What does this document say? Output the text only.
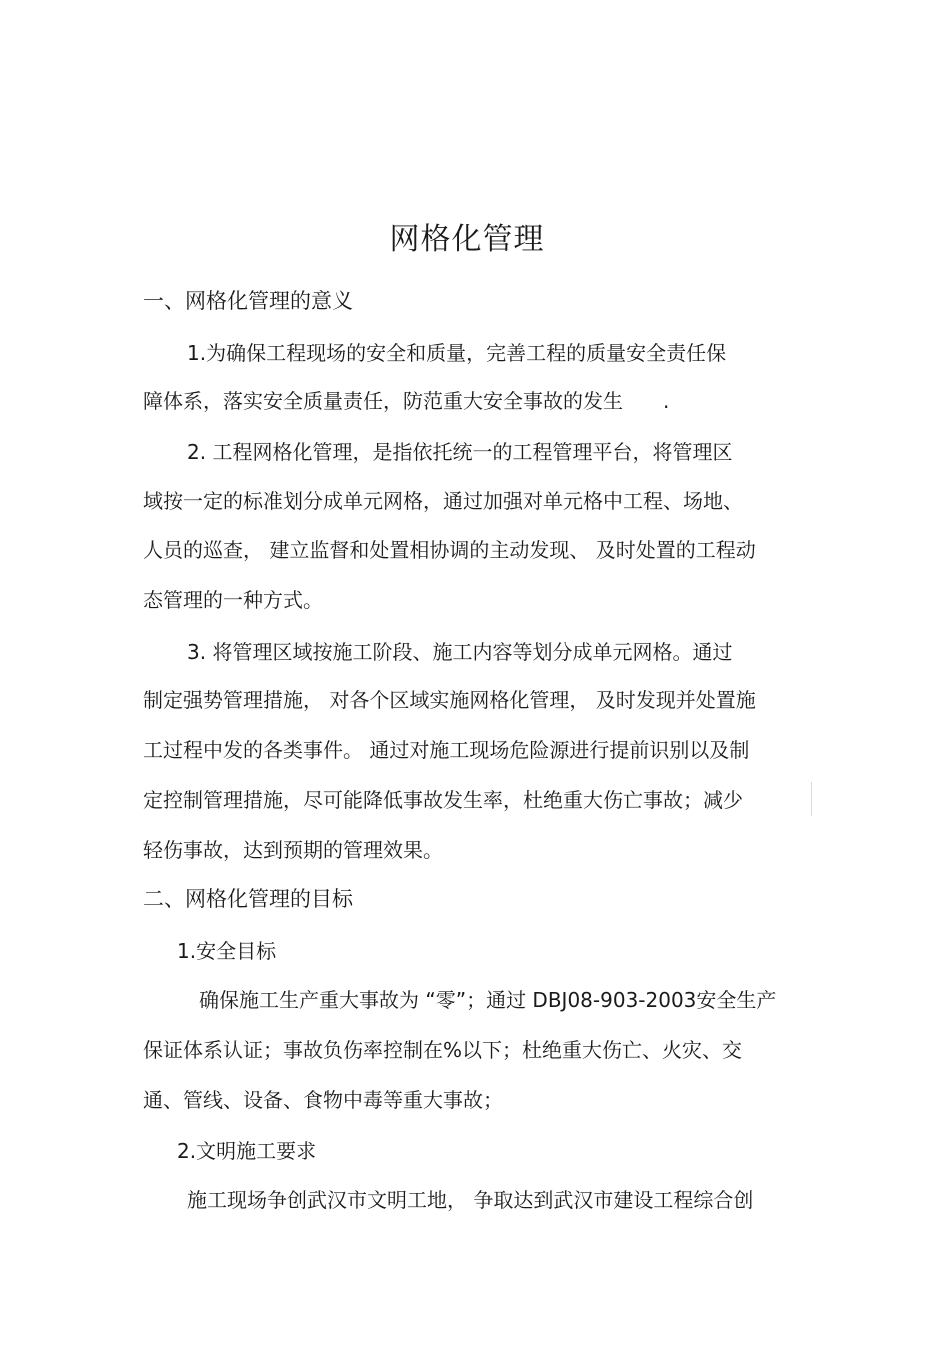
网格化管理
一、网格化管理的意义
1.为确保工程现场的安全和质量，完善工程的质量安全责任保
障体系，落实安全质量责任，防范重大安全事故的发生　　.
2. 工程网格化管理，是指依托统一的工程管理平台，将管理区
域按一定的标准划分成单元网格，通过加强对单元格中工程、场地、
人员的巡查， 建立监督和处置相协调的主动发现、 及时处置的工程动
态管理的一种方式。
3. 将管理区域按施工阶段、施工内容等划分成单元网格。通过
制定强势管理措施， 对各个区域实施网格化管理， 及时发现并处置施
工过程中发的各类事件。 通过对施工现场危险源进行提前识别以及制
定控制管理措施，尽可能降低事故发生率，杜绝重大伤亡事故；减少
轻伤事故，达到预期的管理效果。
二、网格化管理的目标
1.安全目标
确保施工生产重大事故为 “零”；通过 DBJ08-903-2003安全生产
保证体系认证；事故负伤率控制在%以下；杜绝重大伤亡、火灾、交
通、管线、设备、食物中毒等重大事故；
2.文明施工要求
施工现场争创武汉市文明工地， 争取达到武汉市建设工程综合创
